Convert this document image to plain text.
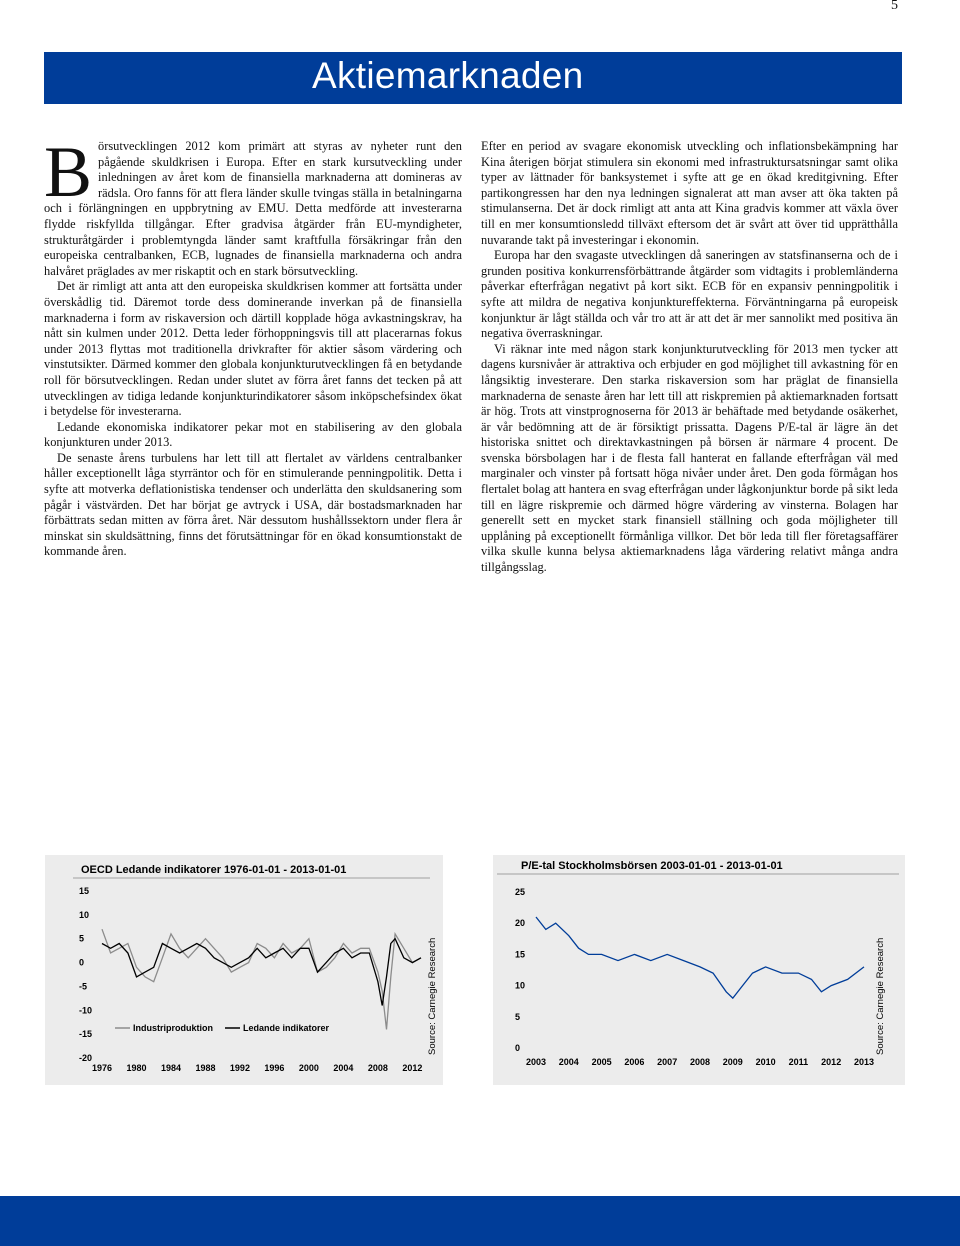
5
Aktiemarknaden

Börsutvecklingen 2012 kom primärt att styras av nyheter runt den pågående skuldkrisen i Europa. Efter en stark kursutveckling under inledningen av året kom de finansiella marknaderna att domineras av rädsla. Oro fanns för att flera länder skulle tvingas ställa in betalningarna och i förlängningen en uppbrytning av EMU. Detta medförde att investerarna flydde riskfyllda tillgångar. Efter gradvisa åtgärder från EU-myndigheter, strukturåtgärder i problemtyngda länder samt kraftfulla försäkringar från den europeiska centralbanken, ECB, lugnades de finansiella marknaderna och andra halvåret präglades av mer riskaptit och en stark börsutveckling.

Det är rimligt att anta att den europeiska skuldkrisen kommer att fortsätta under överskådlig tid. Däremot torde dess dominerande inverkan på de finansiella marknaderna i form av riskaversion och därtill kopplade höga avkastningskrav, ha nått sin kulmen under 2012. Detta leder förhoppningsvis till att placerarnas fokus under 2013 flyttas mot traditionella drivkrafter för aktier såsom värdering och vinstutsikter. Därmed kommer den globala konjunkturutvecklingen få en betydande roll för börsutvecklingen. Redan under slutet av förra året fanns det tecken på att utvecklingen av tidiga ledande konjunkturindikatorer såsom inköpschefsindex ökat i betydelse för investerarna.

Ledande ekonomiska indikatorer pekar mot en stabilisering av den globala konjunkturen under 2013.

De senaste årens turbulens har lett till att flertalet av världens centralbanker håller exceptionellt låga styrräntor och för en stimulerande penningpolitik. Detta i syfte att motverka deflationistiska tendenser och underlätta den skuldsanering som pågår i västvärden. Det har börjat ge avtryck i USA, där bostadsmarknaden har förbättrats sedan mitten av förra året. När dessutom hushållssektorn under flera år minskat sin skuldsättning, finns det förutsättningar för en ökad konsumtionstakt de kommande åren.

Efter en period av svagare ekonomisk utveckling och inflationsbekämpning har Kina återigen börjat stimulera sin ekonomi med infrastruktursatsningar samt olika typer av lättnader för banksystemet i syfte att ge en ökad kreditgivning. Efter partikongressen har den nya ledningen signalerat att man avser att öka takten på stimulanserna. Det är dock rimligt att anta att Kina gradvis kommer att växla över till en mer konsumtionsledd tillväxt eftersom det är svårt att över tid upprätthålla nuvarande takt på investeringar i ekonomin.

Europa har den svagaste utvecklingen då saneringen av statsfinanserna och de i grunden positiva konkurrensförbättrande åtgärder som vidtagits i problemländerna påverkar efterfrågan negativt på kort sikt. ECB för en expansiv penningpolitik i syfte att mildra de negativa konjunktureffekterna. Förväntningarna på europeisk konjunktur är lågt ställda och vår tro att är att det är mer sannolikt med positiva än negativa överraskningar.

Vi räknar inte med någon stark konjunkturutveckling för 2013 men tycker att dagens kursnivåer är attraktiva och erbjuder en god möjlighet till avkastning för en långsiktig investerare. Den starka riskaversion som har präglat de finansiella marknaderna de senaste åren har lett till att riskpremien på aktiemarknaden fortsatt är hög. Trots att vinstprognoserna för 2013 är behäftade med betydande osäkerhet, är vår bedömning att de är försiktigt prissatta. Dagens P/E-tal är lägre än det historiska snittet och direktavkastningen på börsen är närmare 4 procent. De svenska börsbolagen har i de flesta fall hanterat en fallande efterfrågan väl med marginaler och vinster på fortsatt höga nivåer under året. Den goda förmågan hos flertalet bolag att hantera en svag efterfrågan under lågkonjunktur borde på sikt leda till en lägre riskpremie och därmed högre värdering av vinsterna. Bolagen har generellt sett en mycket stark finansiell ställning och goda möjligheter till upplåning på exceptionellt förmånliga villkor. Det bör leda till fler företagsaffärer vilka skulle kunna belysa aktiemarknadens låga värdering relativt många andra tillgångsslag.

OECD Ledande indikatorer 1976-01-01 - 2013-01-01
Source: Carnegie Research
15
10
5
0
-5
-10
-15
-20
1976 1980 1984 1988 1992 1996 2000 2004 2008 2012
Industriproduktion	Ledande indikatorer
P/E-tal Stockholmsbörsen 2003-01-01 - 2013-01-01
Source: Carnegie Research
25
20
15
10
5
0
2003 2004 2005 2006 2007 2008 2009 2010 2011 2012 2013
